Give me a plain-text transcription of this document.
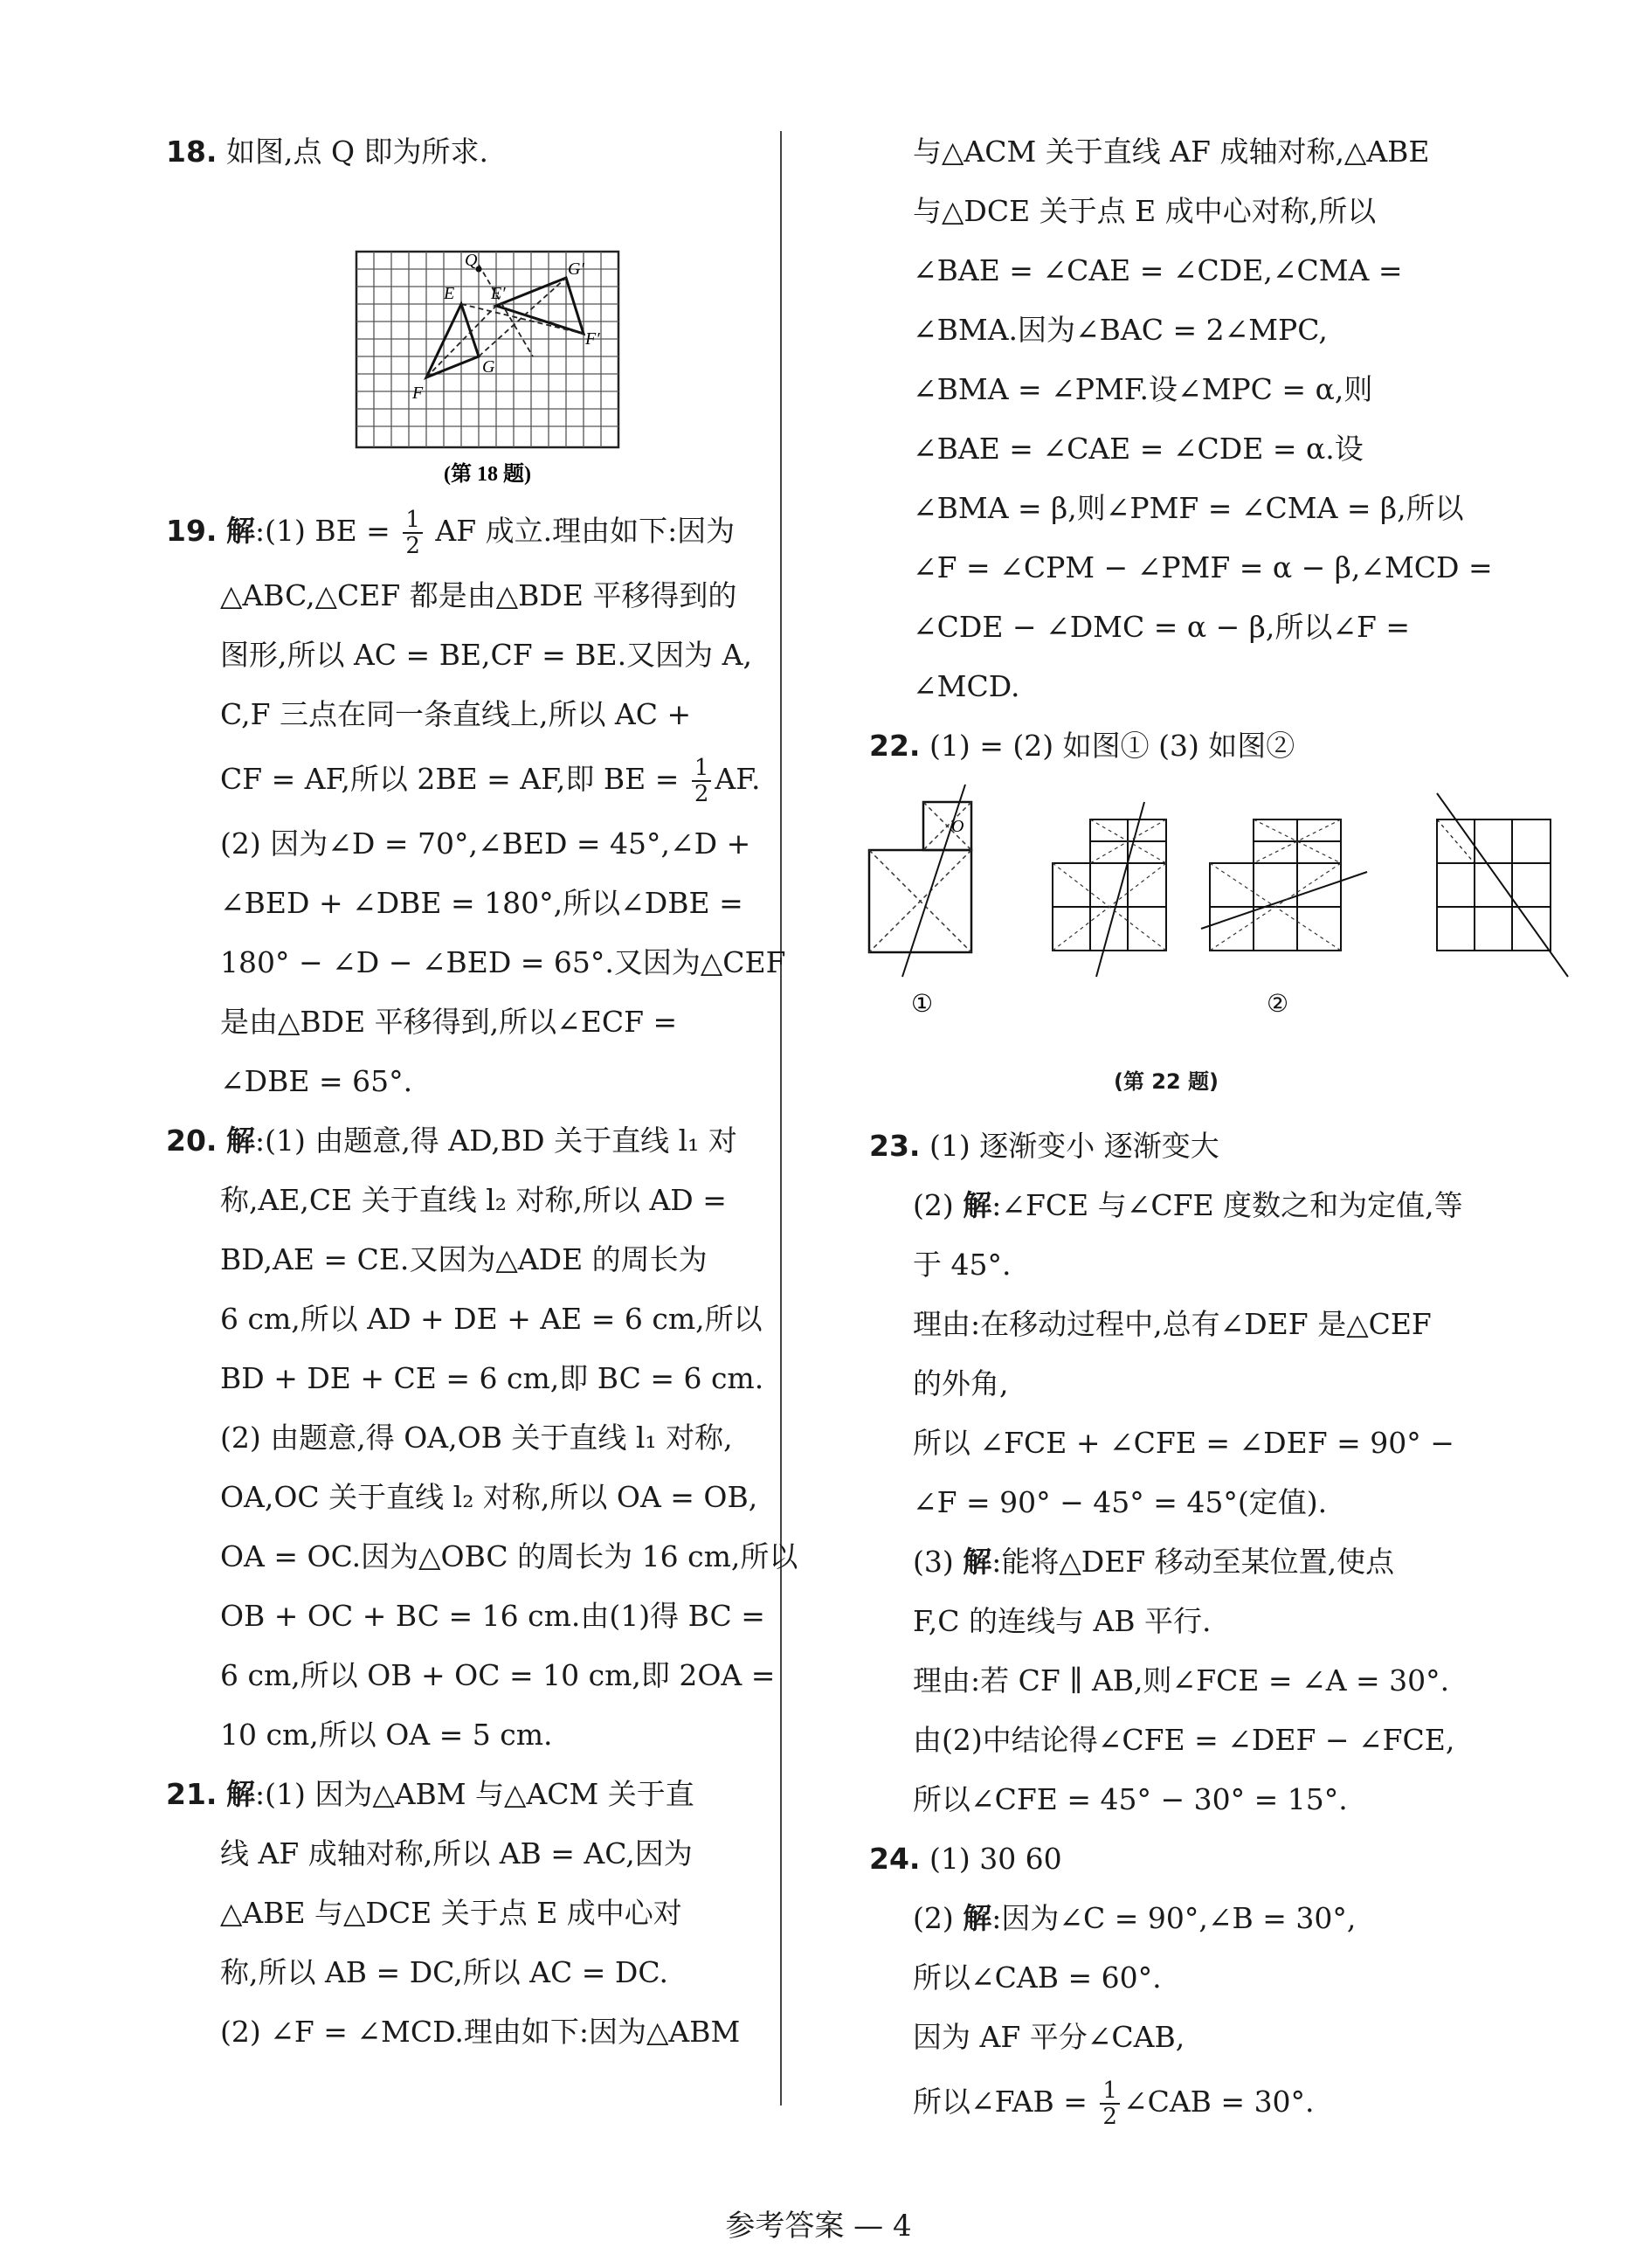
18. 如图,点 Q 即为所求.
Q
E E′
G′
F′
G
F
(第 18 题)
19. 解:(1) BE = $\frac{1}{2}$ AF 成立.理由如下:因为
△ABC,△CEF 都是由△BDE 平移得到的
图形,所以 AC = BE,CF = BE.又因为 A,
C,F 三点在同一条直线上,所以 AC +
CF = AF,所以 2BE = AF,即 BE = $\frac{1}{2}$ AF.
(2) 因为∠D = 70°,∠BED = 45°,∠D +
∠BED + ∠DBE = 180°,所以∠DBE =
180° − ∠D − ∠BED = 65°.又因为△CEF
是由△BDE 平移得到,所以∠ECF =
∠DBE = 65°.
20. 解:(1) 由题意,得 AD,BD 关于直线 l₁ 对
称,AE,CE 关于直线 l₂ 对称,所以 AD =
BD,AE = CE.又因为△ADE 的周长为
6 cm,所以 AD + DE + AE = 6 cm,所以
BD + DE + CE = 6 cm,即 BC = 6 cm.
(2) 由题意,得 OA,OB 关于直线 l₁ 对称,
OA,OC 关于直线 l₂ 对称,所以 OA = OB,
OA = OC.因为△OBC 的周长为 16 cm,所以
OB + OC + BC = 16 cm.由(1)得 BC =
6 cm,所以 OB + OC = 10 cm,即 2OA =
10 cm,所以 OA = 5 cm.
21. 解:(1) 因为△ABM 与△ACM 关于直
线 AF 成轴对称,所以 AB = AC,因为
△ABE 与△DCE 关于点 E 成中心对
称,所以 AB = DC,所以 AC = DC.
(2) ∠F = ∠MCD.理由如下:因为△ABM
与△ACM 关于直线 AF 成轴对称,△ABE
与△DCE 关于点 E 成中心对称,所以
∠BAE = ∠CAE = ∠CDE,∠CMA =
∠BMA.因为∠BAC = 2∠MPC,
∠BMA = ∠PMF.设∠MPC = α,则
∠BAE = ∠CAE = ∠CDE = α.设
∠BMA = β,则∠PMF = ∠CMA = β,所以
∠F = ∠CPM − ∠PMF = α − β,∠MCD =
∠CDE − ∠DMC = α − β,所以∠F =
∠MCD.
22. (1) = (2) 如图① (3) 如图②
O
①	②
(第 22 题)
23. (1) 逐渐变小 逐渐变大
(2) 解:∠FCE 与∠CFE 度数之和为定值,等
于 45°.
理由:在移动过程中,总有∠DEF 是△CEF
的外角,
所以 ∠FCE + ∠CFE = ∠DEF = 90° −
∠F = 90° − 45° = 45°(定值).
(3) 解:能将△DEF 移动至某位置,使点
F,C 的连线与 AB 平行.
理由:若 CF ∥ AB,则∠FCE = ∠A = 30°.
由(2)中结论得∠CFE = ∠DEF − ∠FCE,
所以∠CFE = 45° − 30° = 15°.
24. (1) 30 60
(2) 解:因为∠C = 90°,∠B = 30°,
所以∠CAB = 60°.
因为 AF 平分∠CAB,
所以∠FAB = $\frac{1}{2}$ ∠CAB = 30°.
参考答案 — 4
